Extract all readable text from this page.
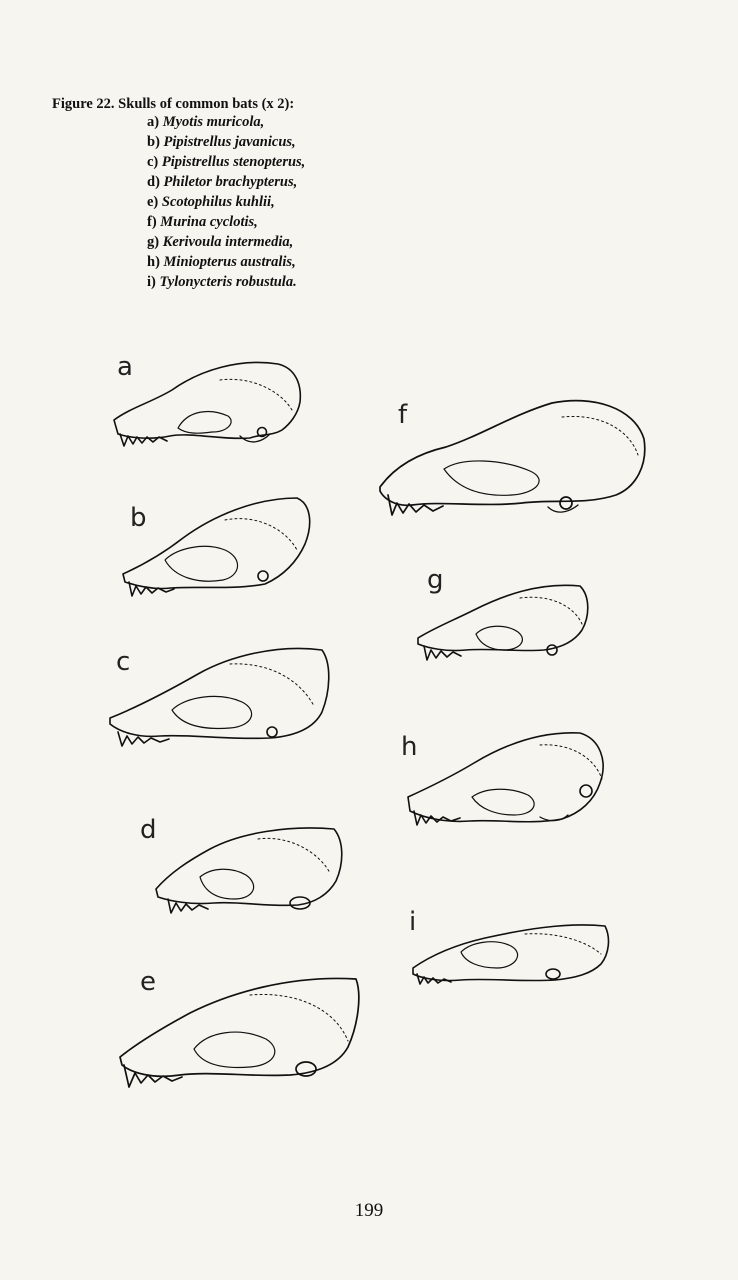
Figure 22. Skulls of common bats (x 2):
a) Myotis muricola,
b) Pipistrellus javanicus,
c) Pipistrellus stenopterus,
d) Philetor brachypterus,
e) Scotophilus kuhlii,
f) Murina cyclotis,
g) Kerivoula intermedia,
h) Miniopterus australis,
i) Tylonycteris robustula.
a
b
c
d
e
f
g
h
i
199
